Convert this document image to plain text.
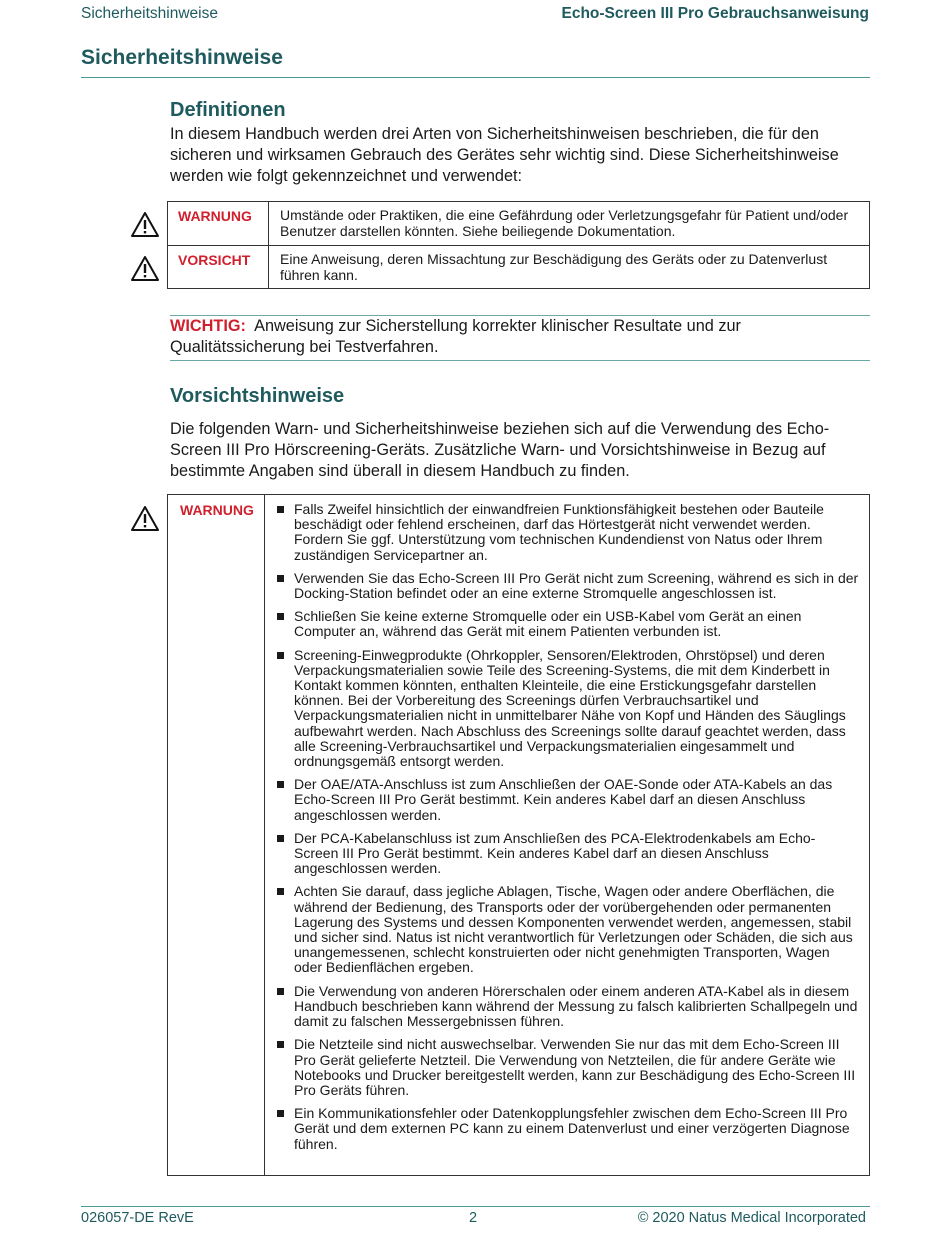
Sicherheitshinweise	Echo-Screen III Pro Gebrauchsanweisung
Sicherheitshinweise
Definitionen

In diesem Handbuch werden drei Arten von Sicherheitshinweisen beschrieben, die für den sicheren und wirksamen Gebrauch des Gerätes sehr wichtig sind. Diese Sicherheitshinweise werden wie folgt gekennzeichnet und verwendet:

WARNUNG	Umstände oder Praktiken, die eine Gefährdung oder Verletzungsgefahr für Patient und/oder Benutzer darstellen könnten. Siehe beiliegende Dokumentation.
VORSICHT	Eine Anweisung, deren Missachtung zur Beschädigung des Geräts oder zu Datenverlust führen kann.
WICHTIG: Anweisung zur Sicherstellung korrekter klinischer Resultate und zur Qualitätssicherung bei Testverfahren.
Vorsichtshinweise

Die folgenden Warn- und Sicherheitshinweise beziehen sich auf die Verwendung des Echo-Screen III Pro Hörscreening-Geräts. Zusätzliche Warn- und Vorsichtshinweise in Bezug auf bestimmte Angaben sind überall in diesem Handbuch zu finden.

WARNUNG	Falls Zweifel hinsichtlich der einwandfreien Funktionsfähigkeit bestehen oder Bauteile beschädigt oder fehlend erscheinen, darf das Hörtestgerät nicht verwendet werden. Fordern Sie ggf. Unterstützung vom technischen Kundendienst von Natus oder Ihrem zuständigen Servicepartner an.
Verwenden Sie das Echo-Screen III Pro Gerät nicht zum Screening, während es sich in der Docking-Station befindet oder an eine externe Stromquelle angeschlossen ist.
Schließen Sie keine externe Stromquelle oder ein USB-Kabel vom Gerät an einen Computer an, während das Gerät mit einem Patienten verbunden ist.
Screening-Einwegprodukte (Ohrkoppler, Sensoren/Elektroden, Ohrstöpsel) und deren Verpackungsmaterialien sowie Teile des Screening-Systems, die mit dem Kinderbett in Kontakt kommen könnten, enthalten Kleinteile, die eine Erstickungsgefahr darstellen können. Bei der Vorbereitung des Screenings dürfen Verbrauchsartikel und Verpackungsmaterialien nicht in unmittelbarer Nähe von Kopf und Händen des Säuglings aufbewahrt werden. Nach Abschluss des Screenings sollte darauf geachtet werden, dass alle Screening-Verbrauchsartikel und Verpackungsmaterialien eingesammelt und ordnungsgemäß entsorgt werden.
Der OAE/ATA-Anschluss ist zum Anschließen der OAE-Sonde oder ATA-Kabels an das Echo-Screen III Pro Gerät bestimmt. Kein anderes Kabel darf an diesen Anschluss angeschlossen werden.
Der PCA-Kabelanschluss ist zum Anschließen des PCA-Elektrodenkabels am Echo-Screen III Pro Gerät bestimmt. Kein anderes Kabel darf an diesen Anschluss angeschlossen werden.
Achten Sie darauf, dass jegliche Ablagen, Tische, Wagen oder andere Oberflächen, die während der Bedienung, des Transports oder der vorübergehenden oder permanenten Lagerung des Systems und dessen Komponenten verwendet werden, angemessen, stabil und sicher sind. Natus ist nicht verantwortlich für Verletzungen oder Schäden, die sich aus unangemessenen, schlecht konstruierten oder nicht genehmigten Transporten, Wagen oder Bedienflächen ergeben.
Die Verwendung von anderen Hörerschalen oder einem anderen ATA-Kabel als in diesem Handbuch beschrieben kann während der Messung zu falsch kalibrierten Schallpegeln und damit zu falschen Messergebnissen führen.
Die Netzteile sind nicht auswechselbar. Verwenden Sie nur das mit dem Echo-Screen III Pro Gerät gelieferte Netzteil. Die Verwendung von Netzteilen, die für andere Geräte wie Notebooks und Drucker bereitgestellt werden, kann zur Beschädigung des Echo-Screen III Pro Geräts führen.
Ein Kommunikationsfehler oder Datenkopplungsfehler zwischen dem Echo-Screen III Pro Gerät und dem externen PC kann zu einem Datenverlust und einer verzögerten Diagnose führen.
026057-DE RevE	2	© 2020 Natus Medical Incorporated
